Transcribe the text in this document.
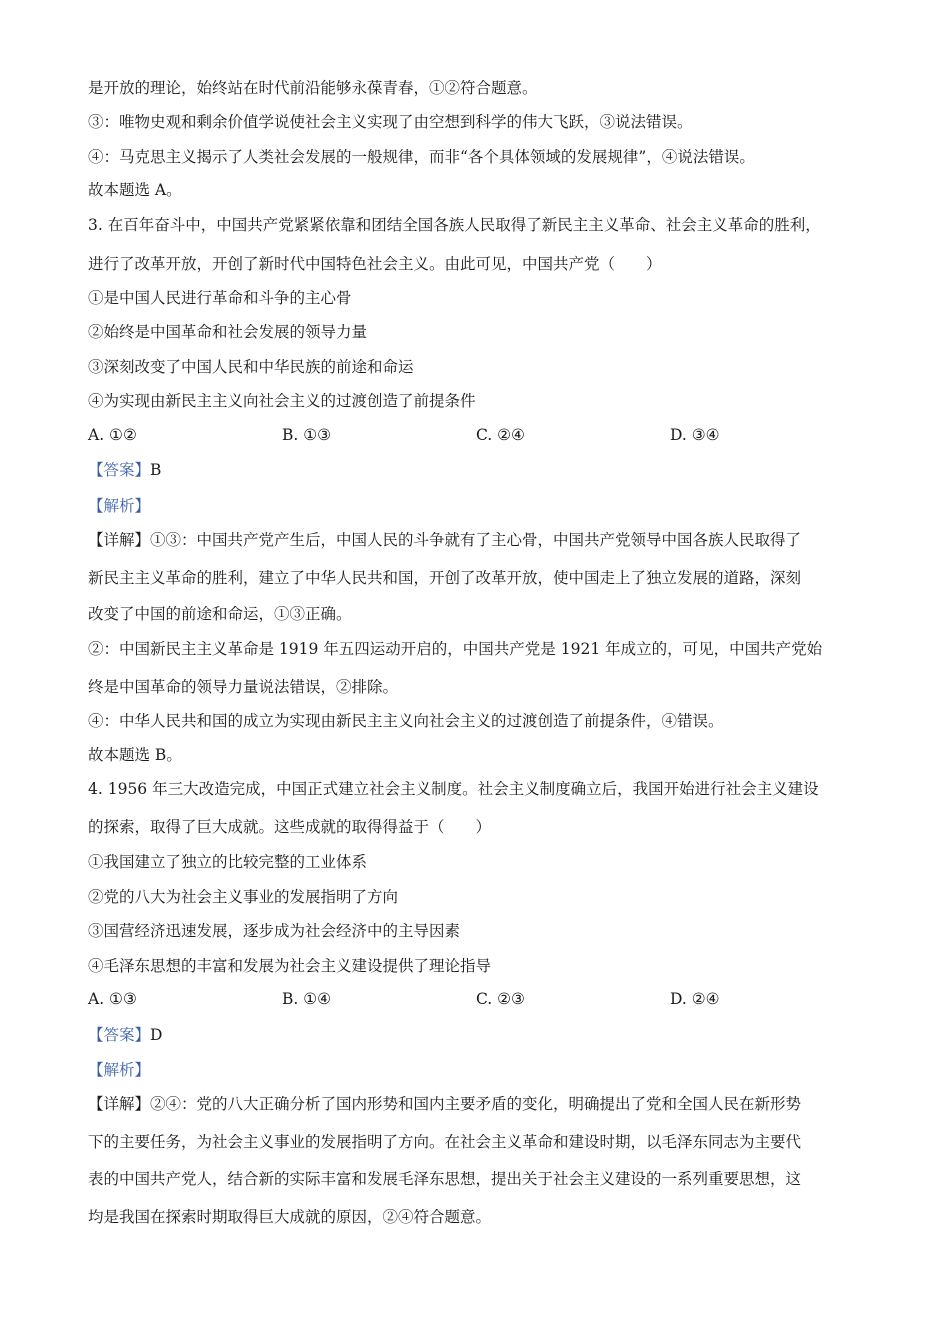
是开放的理论，始终站在时代前沿能够永葆青春，①②符合题意。
③：唯物史观和剩余价值学说使社会主义实现了由空想到科学的伟大飞跃，③说法错误。
④：马克思主义揭示了人类社会发展的一般规律，而非“各个具体领域的发展规律”，④说法错误。
故本题选 A。
3. 在百年奋斗中，中国共产党紧紧依靠和团结全国各族人民取得了新民主主义革命、社会主义革命的胜利，
进行了改革开放，开创了新时代中国特色社会主义。由此可见，中国共产党（　　）
①是中国人民进行革命和斗争的主心骨
②始终是中国革命和社会发展的领导力量
③深刻改变了中国人民和中华民族的前途和命运
④为实现由新民主主义向社会主义的过渡创造了前提条件
A. ①②	B. ①③	C. ②④	D. ③④
【答案】B
【解析】
【详解】①③：中国共产党产生后，中国人民的斗争就有了主心骨，中国共产党领导中国各族人民取得了
新民主主义革命的胜利，建立了中华人民共和国，开创了改革开放，使中国走上了独立发展的道路，深刻
改变了中国的前途和命运，①③正确。
②：中国新民主主义革命是 1919 年五四运动开启的，中国共产党是 1921 年成立的，可见，中国共产党始
终是中国革命的领导力量说法错误，②排除。
④：中华人民共和国的成立为实现由新民主主义向社会主义的过渡创造了前提条件，④错误。
故本题选 B。
4. 1956 年三大改造完成，中国正式建立社会主义制度。社会主义制度确立后，我国开始进行社会主义建设
的探索，取得了巨大成就。这些成就的取得得益于（　　）
①我国建立了独立的比较完整的工业体系
②党的八大为社会主义事业的发展指明了方向
③国营经济迅速发展，逐步成为社会经济中的主导因素
④毛泽东思想的丰富和发展为社会主义建设提供了理论指导
A. ①③	B. ①④	C. ②③	D. ②④
【答案】D
【解析】
【详解】②④：党的八大正确分析了国内形势和国内主要矛盾的变化，明确提出了党和全国人民在新形势
下的主要任务，为社会主义事业的发展指明了方向。在社会主义革命和建设时期，以毛泽东同志为主要代
表的中国共产党人，结合新的实际丰富和发展毛泽东思想，提出关于社会主义建设的一系列重要思想，这
均是我国在探索时期取得巨大成就的原因，②④符合题意。
